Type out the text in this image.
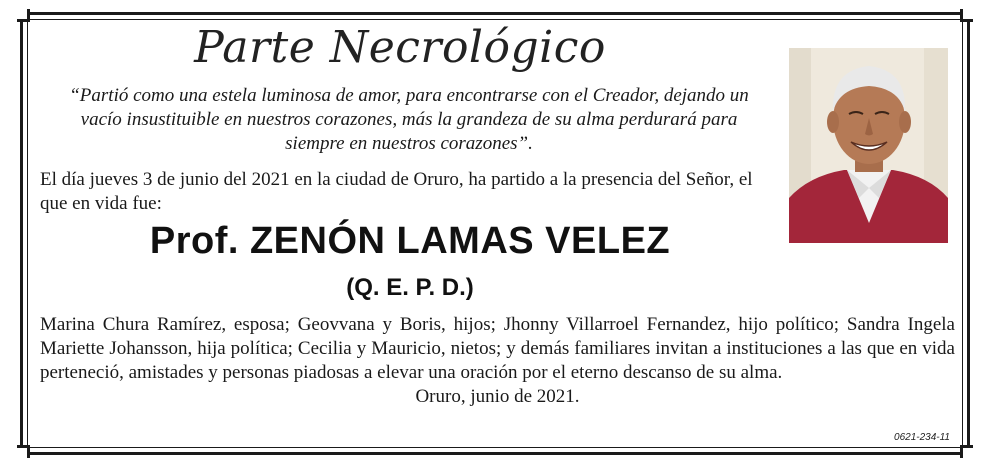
Parte Necrológico
“Partió como una estela luminosa de amor, para encontrarse con el Creador, dejando un vacío insustituible en nuestros corazones, más la grandeza de su alma perdurará para siempre en nuestros corazones”.
El día jueves 3 de junio del 2021 en la ciudad de Oruro, ha partido a la presencia del Señor, el que en vida fue:
Prof. ZENÓN LAMAS VELEZ
(Q. E. P. D.)
Marina Chura Ramírez, esposa; Geovvana y Boris, hijos; Jhonny Villarroel Fernandez, hijo político; Sandra Ingela Mariette Johansson, hija política; Cecilia y Mauricio, nietos; y demás familiares invitan a instituciones a las que en vida perteneció, amistades y personas piadosas a elevar una oración por el eterno descanso de su alma.
Oruro, junio de 2021.
0621-234-11
